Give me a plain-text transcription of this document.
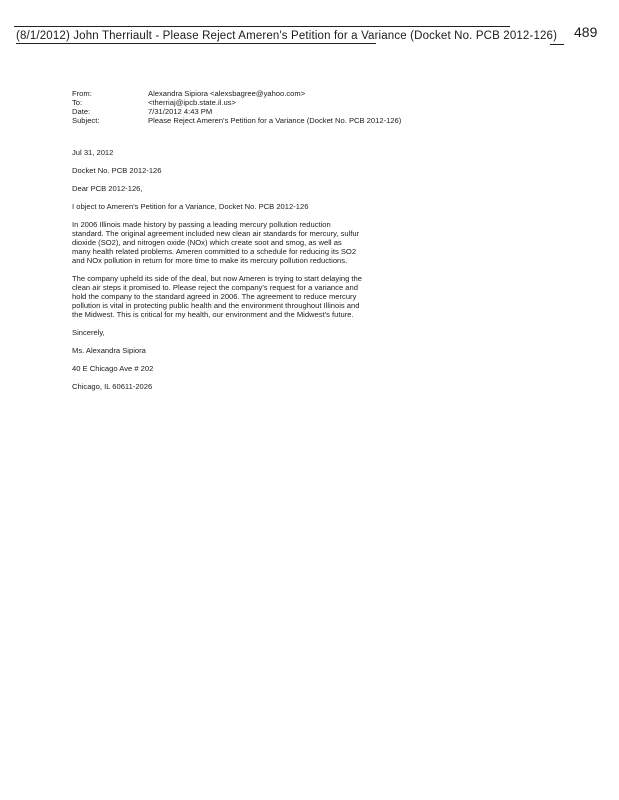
(8/1/2012) John Therriault - Please Reject Ameren's Petition for a Variance (Docket No. PCB 2012-126) 489
From:	Alexandra Sipiora <alexsbagree@yahoo.com>
To:	<therriaj@ipcb.state.il.us>
Date:	7/31/2012 4:43 PM
Subject:	Please Reject Ameren's Petition for a Variance (Docket No. PCB 2012-126)

Jul 31, 2012

Docket No. PCB 2012-126

Dear PCB 2012-126,

I object to Ameren's Petition for a Variance, Docket No. PCB 2012-126

In 2006 Illinois made history by passing a leading mercury pollution reduction standard. The original agreement included new clean air standards for mercury, sulfur dioxide (SO2), and nitrogen oxide (NOx) which create soot and smog, as well as many health related problems. Ameren committed to a schedule for reducing its SO2 and NOx pollution in return for more time to make its mercury pollution reductions.

The company upheld its side of the deal, but now Ameren is trying to start delaying the clean air steps it promised to. Please reject the company's request for a variance and hold the company to the standard agreed in 2006. The agreement to reduce mercury pollution is vital in protecting public health and the environment throughout Illinois and the Midwest. This is critical for my health, our environment and the Midwest's future.

Sincerely,

Ms. Alexandra Sipiora

40 E Chicago Ave # 202

Chicago, IL 60611-2026
